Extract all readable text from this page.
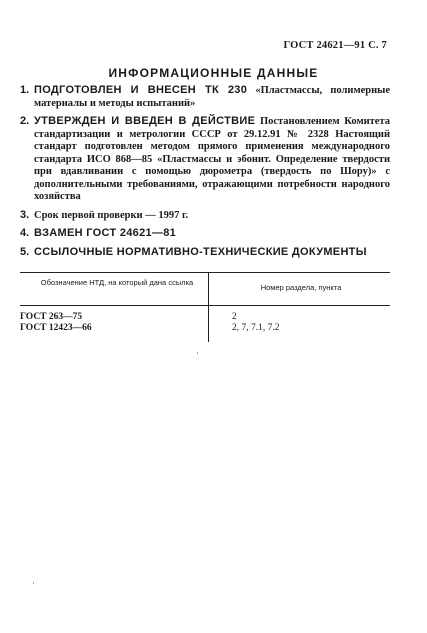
ГОСТ 24621—91 С. 7
ИНФОРМАЦИОННЫЕ ДАННЫЕ
1. ПОДГОТОВЛЕН И ВНЕСЕН ТК 230 «Пластмассы, полимерные материалы и методы испытаний»
2. УТВЕРЖДЕН И ВВЕДЕН В ДЕЙСТВИЕ Постановлением Комитета стандартизации и метрологии СССР от 29.12.91 № 2328 Настоящий стандарт подготовлен методом прямого применения международного стандарта ИСО 868—85 «Пластмассы и эбонит. Определение твердости при вдавливании с помощью дюрометра (твердость по Шору)» с дополнительными требованиями, отражающими потребности народного хозяйства
3. Срок первой проверки — 1997 г.
4. ВЗАМЕН ГОСТ 24621—81
5. ССЫЛОЧНЫЕ НОРМАТИВНО-ТЕХНИЧЕСКИЕ ДОКУМЕНТЫ
Обозначение НТД, на который дана ссылка
Номер раздела, пункта
ГОСТ 263—75	2
ГОСТ 12423—66	2, 7, 7.1, 7.2
·
·
